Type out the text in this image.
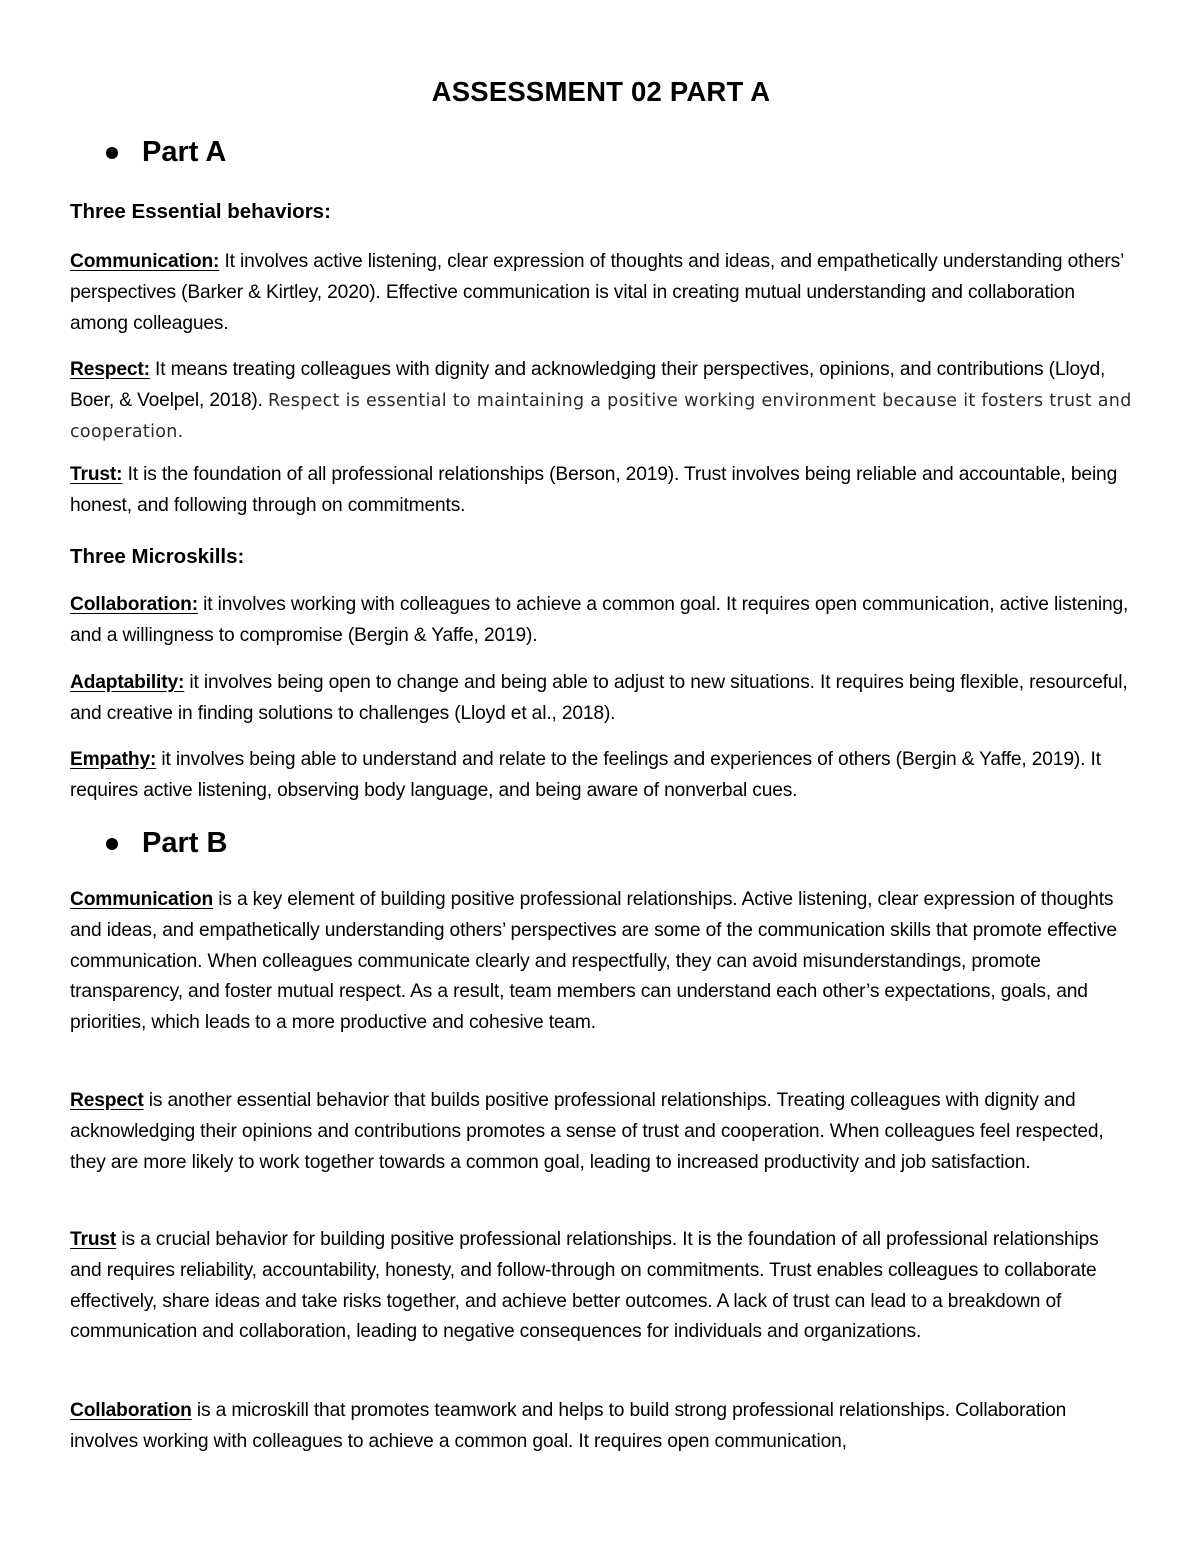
ASSESSMENT 02 PART A
Part A
Three Essential behaviors:

Communication: It involves active listening, clear expression of thoughts and ideas, and empathetically understanding others’ perspectives (Barker & Kirtley, 2020). Effective communication is vital in creating mutual understanding and collaboration among colleagues.

Respect: It means treating colleagues with dignity and acknowledging their perspectives, opinions, and contributions (Lloyd, Boer, & Voelpel, 2018). Respect is essential to maintaining a positive working environment because it fosters trust and cooperation.

Trust: It is the foundation of all professional relationships (Berson, 2019). Trust involves being reliable and accountable, being honest, and following through on commitments.

Three Microskills:

Collaboration: it involves working with colleagues to achieve a common goal. It requires open communication, active listening, and a willingness to compromise (Bergin & Yaffe, 2019).

Adaptability: it involves being open to change and being able to adjust to new situations. It requires being flexible, resourceful, and creative in finding solutions to challenges (Lloyd et al., 2018).

Empathy: it involves being able to understand and relate to the feelings and experiences of others (Bergin & Yaffe, 2019). It requires active listening, observing body language, and being aware of nonverbal cues.

Part B

Communication is a key element of building positive professional relationships. Active listening, clear expression of thoughts and ideas, and empathetically understanding others’ perspectives are some of the communication skills that promote effective communication. When colleagues communicate clearly and respectfully, they can avoid misunderstandings, promote transparency, and foster mutual respect. As a result, team members can understand each other’s expectations, goals, and priorities, which leads to a more productive and cohesive team.

Respect is another essential behavior that builds positive professional relationships. Treating colleagues with dignity and acknowledging their opinions and contributions promotes a sense of trust and cooperation. When colleagues feel respected, they are more likely to work together towards a common goal, leading to increased productivity and job satisfaction.

Trust is a crucial behavior for building positive professional relationships. It is the foundation of all professional relationships and requires reliability, accountability, honesty, and follow-through on commitments. Trust enables colleagues to collaborate effectively, share ideas and take risks together, and achieve better outcomes. A lack of trust can lead to a breakdown of communication and collaboration, leading to negative consequences for individuals and organizations.

Collaboration is a microskill that promotes teamwork and helps to build strong professional relationships. Collaboration involves working with colleagues to achieve a common goal. It requires open communication,
